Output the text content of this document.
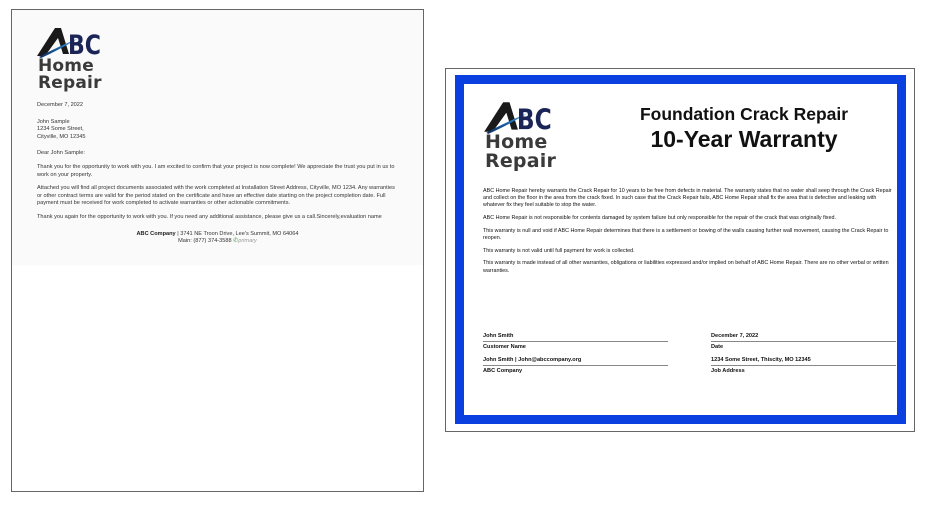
BC
Home
Repair
December 7, 2022
John Sample
1234 Some Street,
Cityville, MO 12345
Dear John Sample:
Thank you for the opportunity to work with you. I am excited to confirm that your project is now complete! We appreciate the trust you put in us to work on your property.
Attached you will find all project documents associated with the work completed at Installation Street Address, Cityville, MO 1234. Any warranties or other contract terms are valid for the period stated on the certificate and have an effective date starting on the project completion date. Full payment must be received for work completed to activate warranties or other actionable commitments.
Thank you again for the opportunity to work with you. If you need any additional assistance, please give us a call.Sincerely,evaluation name
ABC Company | 3741 NE Troon Drive, Lee's Summit, MO 64064
Main: (877) 374-3588 ✆primary
BC
Home
Repair
Foundation Crack Repair
10-Year Warranty

ABC Home Repair hereby warrants the Crack Repair for 10 years to be free from defects in material. The warranty states that no water shall seep through the Crack Repair and collect on the floor in the area from the crack fixed. In such case that the Crack Repair fails, ABC Home Repair shall fix the area that is defective and leaking with whatever fix they feel suitable to stop the water.

ABC Home Repair is not responsible for contents damaged by system failure but only responsible for the repair of the crack that was originally fixed.

This warranty is null and void if ABC Home Repair determines that there is a settlement or bowing of the walls causing further wall movement, causing the Crack Repair to reopen.

This warranty is not valid until full payment for work is collected.

This warranty is made instead of all other warranties, obligations or liabilities expressed and/or implied on behalf of ABC Home Repair. There are no other verbal or written warranties.

John Smith
Customer Name
December 7, 2022
Date
John Smith | John@abccompany.org
ABC Company
1234 Some Street, Thiscity, MO 12345
Job Address
